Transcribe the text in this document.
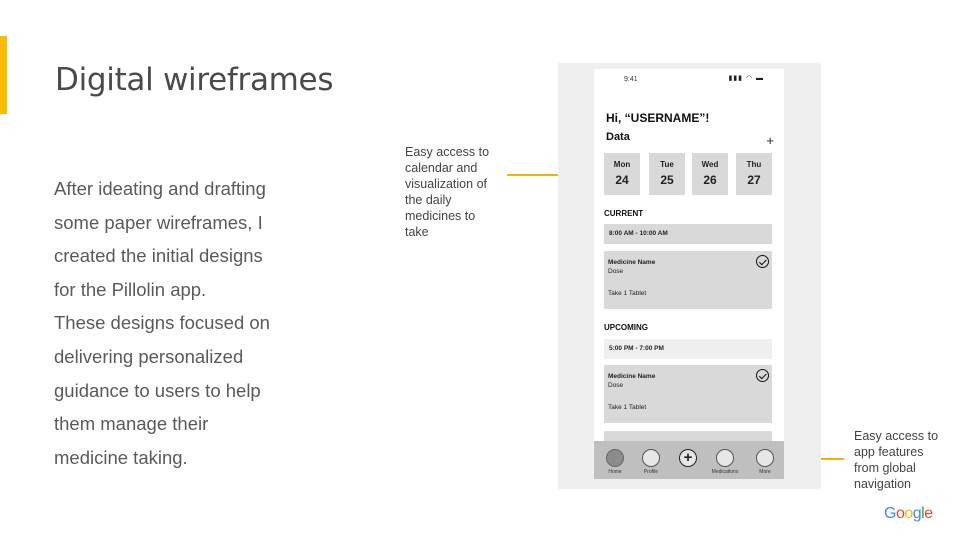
Digital wireframes
After ideating and drafting
some paper wireframes, I
created the initial designs
for the Pillolin app.
These designs focused on
delivering personalized
guidance to users to help
them manage their
medicine taking.
Easy access to
calendar and
visualization of
the daily
medicines to
take
Easy access to
app features
from global
navigation
9:41	▮▮▮ ◠ ▬
Hi, “USERNAME”!
Data	+
Mon
24
Tue
25
Wed
26
Thu
27
CURRENT
8:00 AM - 10:00 AM
Medicine Name
Dose
Take 1 Tablet
UPCOMING
5:00 PM - 7:00 PM
Medicine Name
Dose
Take 1 Tablet
Home	Profile
+
Medications	More
Google
